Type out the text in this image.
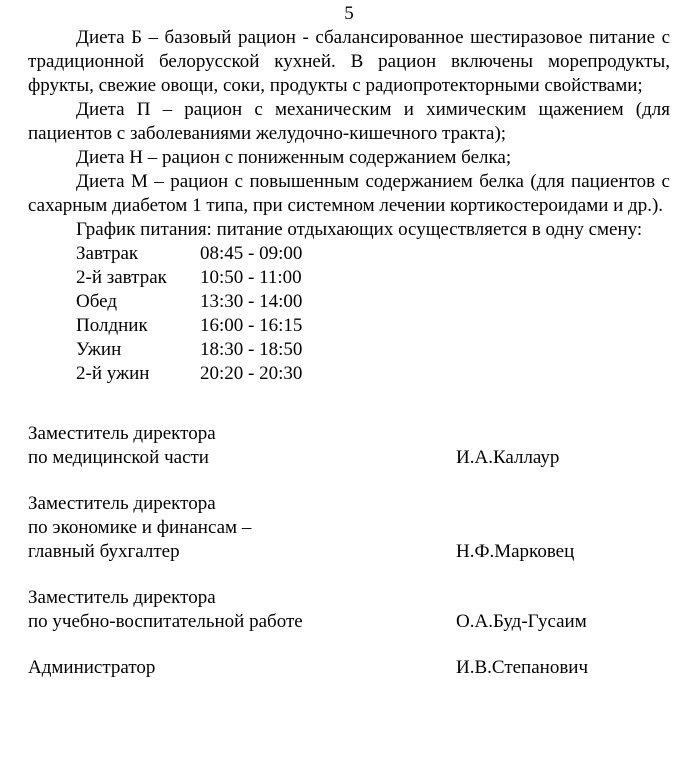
5

Диета Б – базовый рацион - сбалансированное шестиразовое питание с традиционной белорусской кухней. В рацион включены морепродукты, фрукты, свежие овощи, соки, продукты с радиопротекторными свойствами;

Диета П – рацион с механическим и химическим щажением (для пациентов с заболеваниями желудочно-кишечного тракта);

Диета Н – рацион с пониженным содержанием белка;

Диета М – рацион с повышенным содержанием белка (для пациентов с сахарным диабетом 1 типа, при системном лечении кортикостероидами и др.).

График питания: питание отдыхающих осуществляется в одну смену:

Завтрак	08:45 - 09:00
2-й завтрак	10:50 - 11:00
Обед	13:30 - 14:00
Полдник	16:00 - 16:15
Ужин	18:30 - 18:50
2-й ужин	20:20 - 20:30
Заместитель директора
по медицинской части	И.А.Каллаур
Заместитель директора
по экономике и финансам –
главный бухгалтер	Н.Ф.Марковец
Заместитель директора
по учебно-воспитательной работе	О.А.Буд-Гусаим
Администратор	И.В.Степанович
